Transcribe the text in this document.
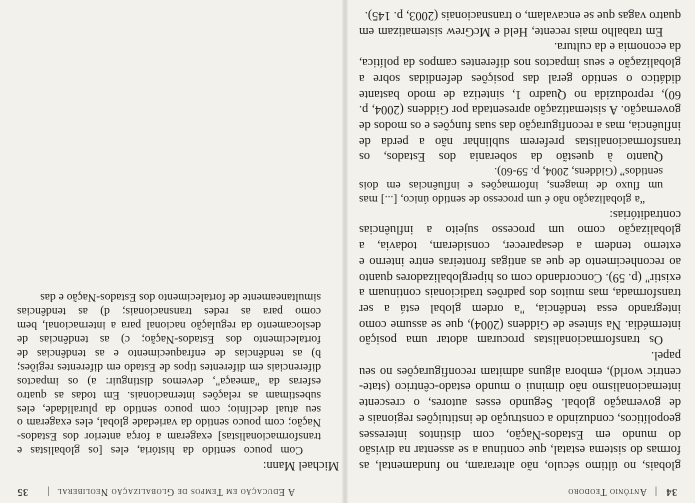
34
|
Antônio Teodoro
A Educação em Tempos de Globalização Neoliberal
|
35

globais, no último século, não alteraram, no fundamental, as formas do sistema estatal, que continua a se assentar na divisão do mundo em Estados-Nação, com distintos interesses geopolíticos, conduzindo a construção de instituições regionais e de governação global. Segundo esses autores, o crescente internacionalismo não diminui o mundo estado-cêntrico (state-centric world), embora alguns admitam reconfigurações no seu papel.

Os transformacionalistas procuram adotar uma posição intermédia. Na síntese de Giddens (2004), que se assume como integrando essa tendência, "a ordem global está a ser transformada, mas muitos dos padrões tradicionais continuam a existir" (p. 59). Concordando com os hiperglobalizadores quanto ao reconhecimento de que as antigas fronteiras entre interno e externo tendem a desaparecer, consideram, todavia, a globalização como um processo sujeito a influências contraditórias:

“a globalização não é um processo de sentido único, [...] mas um fluxo de imagens, informações e influências em dois sentidos” (Giddens, 2004, p. 59-60).

Quanto à questão da soberania dos Estados, os transformacionalistas preferem sublinhar não a perda de influência, mas a reconfiguração das suas funções e os modos de governação. A sistematização apresentada por Giddens (2004, p. 60), reproduzida no Quadro 1, sintetiza de modo bastante didático o sentido geral das posições defendidas sobre a globalização e seus impactos nos diferentes campos da política, da economia e da cultura.

Em trabalho mais recente, Held e McGrew sistematizam em quatro vagas que se encavalam, o transnacionais (2003, p. 145).

Michael Mann:

Com pouco sentido da história, eles [os globalistas e transformacionalistas] exageram a força anterior dos Estados-Nação; com pouco sentido da variedade global, eles exageram o seu atual declínio; com pouco sentido da pluralidade, eles subestimam as relações internacionais. Em todas as quatro esferas da "ameaça", devemos distinguir: a) os impactos diferenciais em diferentes tipos de Estado em diferentes regiões; b) as tendências de enfraquecimento e as tendências de fortalecimento dos Estados-Nação; c) as tendências de deslocamento da regulação nacional para a internacional, bem como para as redes transnacionais; d) as tendências simultaneamente de fortalecimento dos Estados-Nação e das
